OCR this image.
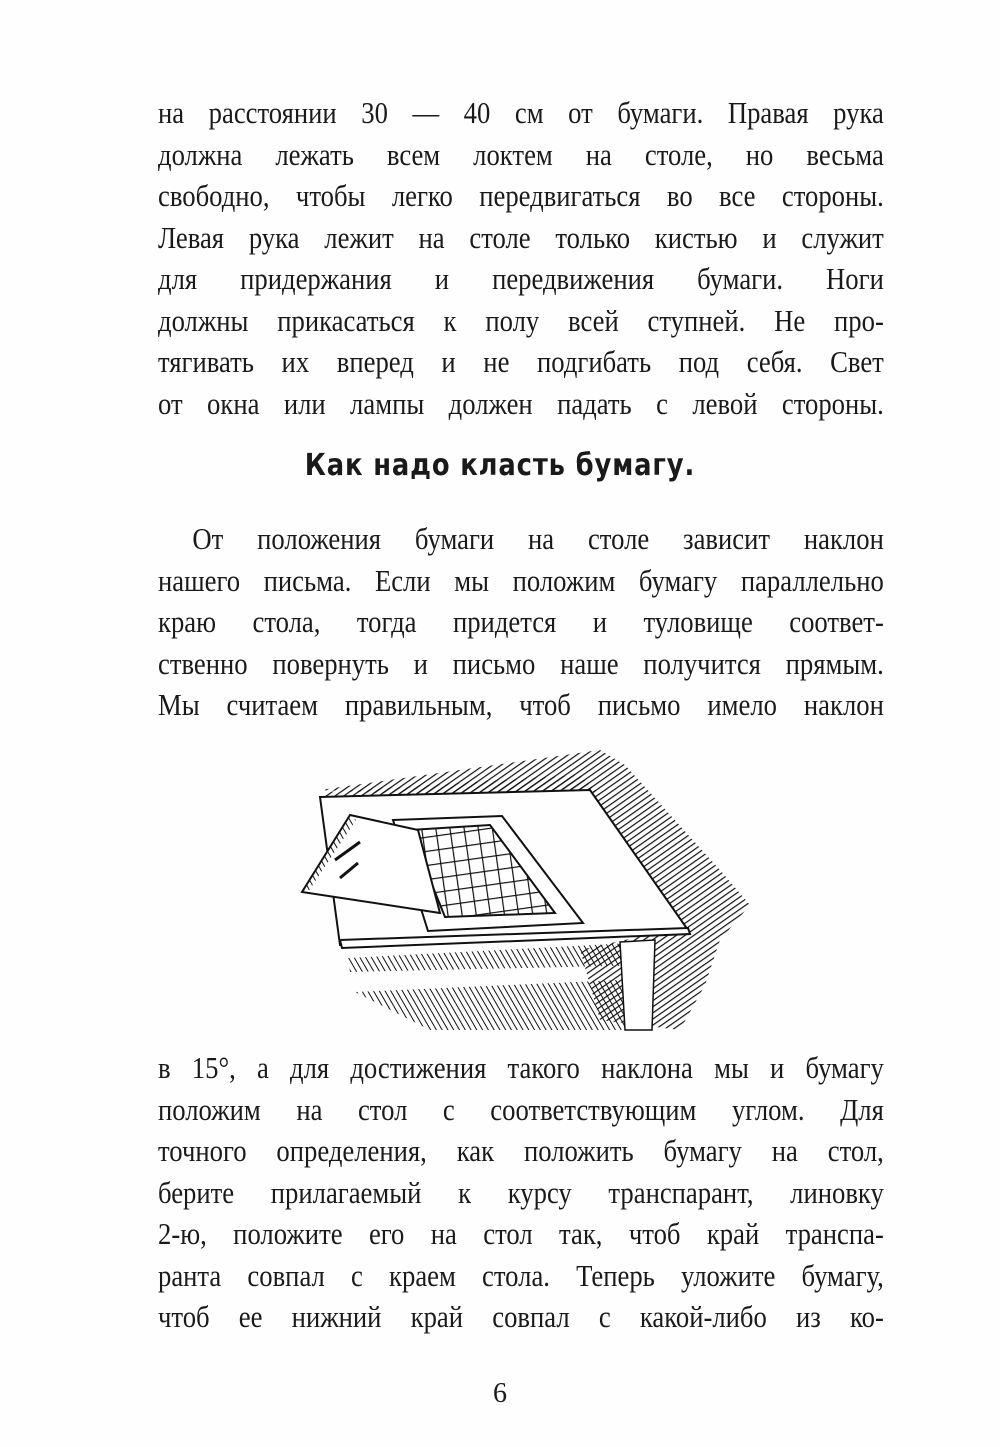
на расстоянии 30 — 40 см от бумаги. Правая рука
должна лежать всем локтем на столе, но весьма
свободно, чтобы легко передвигаться во все стороны.
Левая рука лежит на столе только кистью и служит
для придержания и передвижения бумаги. Ноги
должны прикасаться к полу всей ступней. Не про-
тягивать их вперед и не подгибать под себя. Свет
от окна или лампы должен падать с левой стороны.
Как надо класть бумагу.
От положения бумаги на столе зависит наклон
нашего письма. Если мы положим бумагу параллельно
краю стола, тогда придется и туловище соответ-
ственно повернуть и письмо наше получится прямым.
Мы считаем правильным, чтоб письмо имело наклон
в 15°, а для достижения такого наклона мы и бумагу
положим на стол с соответствующим углом. Для
точного определения, как положить бумагу на стол,
берите прилагаемый к курсу транспарант, линовку
2-ю, положите его на стол так, чтоб край транспа-
ранта совпал с краем стола. Теперь уложите бумагу,
чтоб ее нижний край совпал с какой-либо из ко-
6
